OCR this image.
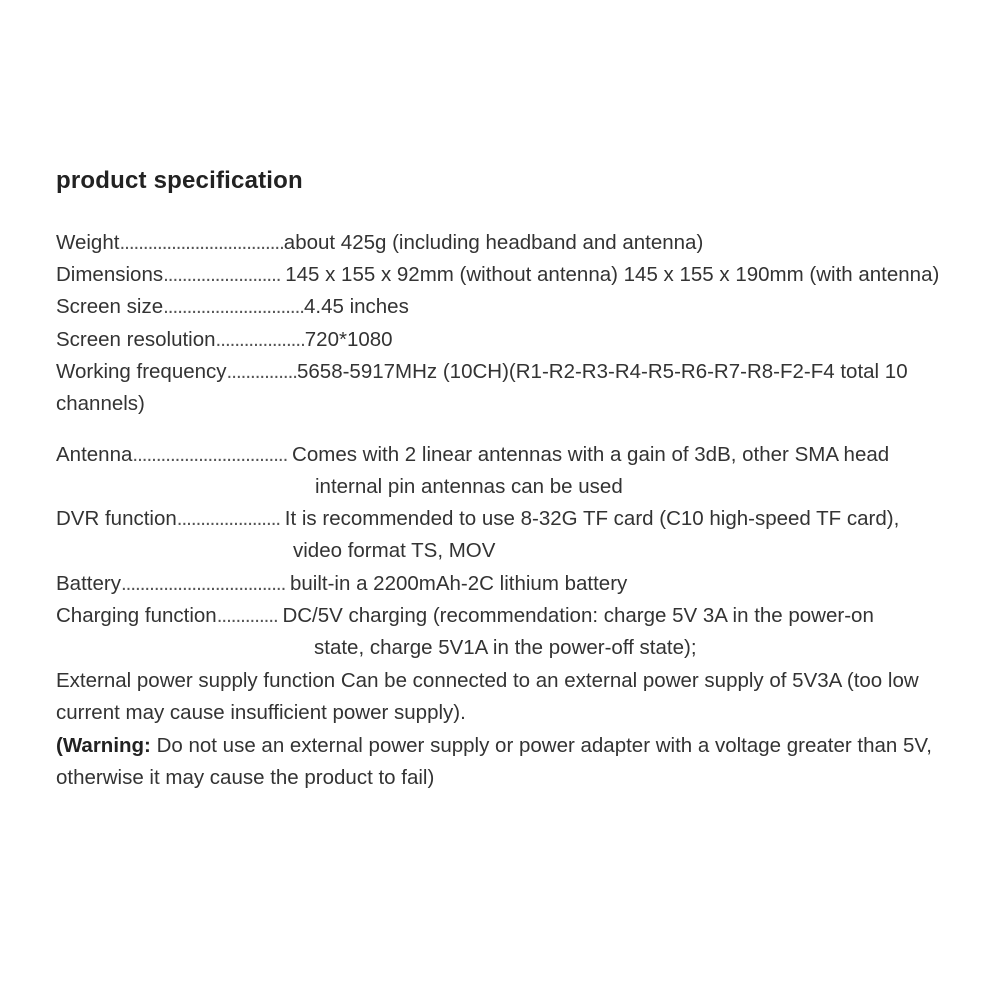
product specification
Weight...................................about 425g (including headband and antenna)
Dimensions......................... 145 x 155 x 92mm (without antenna) 145 x 155 x 190mm (with antenna)
Screen size..............................4.45 inches
Screen resolution...................720*1080
Working frequency...............5658-5917MHz (10CH)(R1-R2-R3-R4-R5-R6-R7-R8-F2-F4 total 10
channels)
Antenna................................. Comes with 2 linear antennas with a gain of 3dB, other SMA head
internal pin antennas can be used
DVR function...................... It is recommended to use 8-32G TF card (C10 high-speed TF card),
video format TS, MOV
Battery................................... built-in a 2200mAh-2C lithium battery
Charging function............. DC/5V charging (recommendation: charge 5V 3A in the power-on
state, charge 5V1A in the power-off state);
External power supply function Can be connected to an external power supply of 5V3A (too low
current may cause insufficient power supply).
(Warning: Do not use an external power supply or power adapter with a voltage greater than 5V,
otherwise it may cause the product to fail)
